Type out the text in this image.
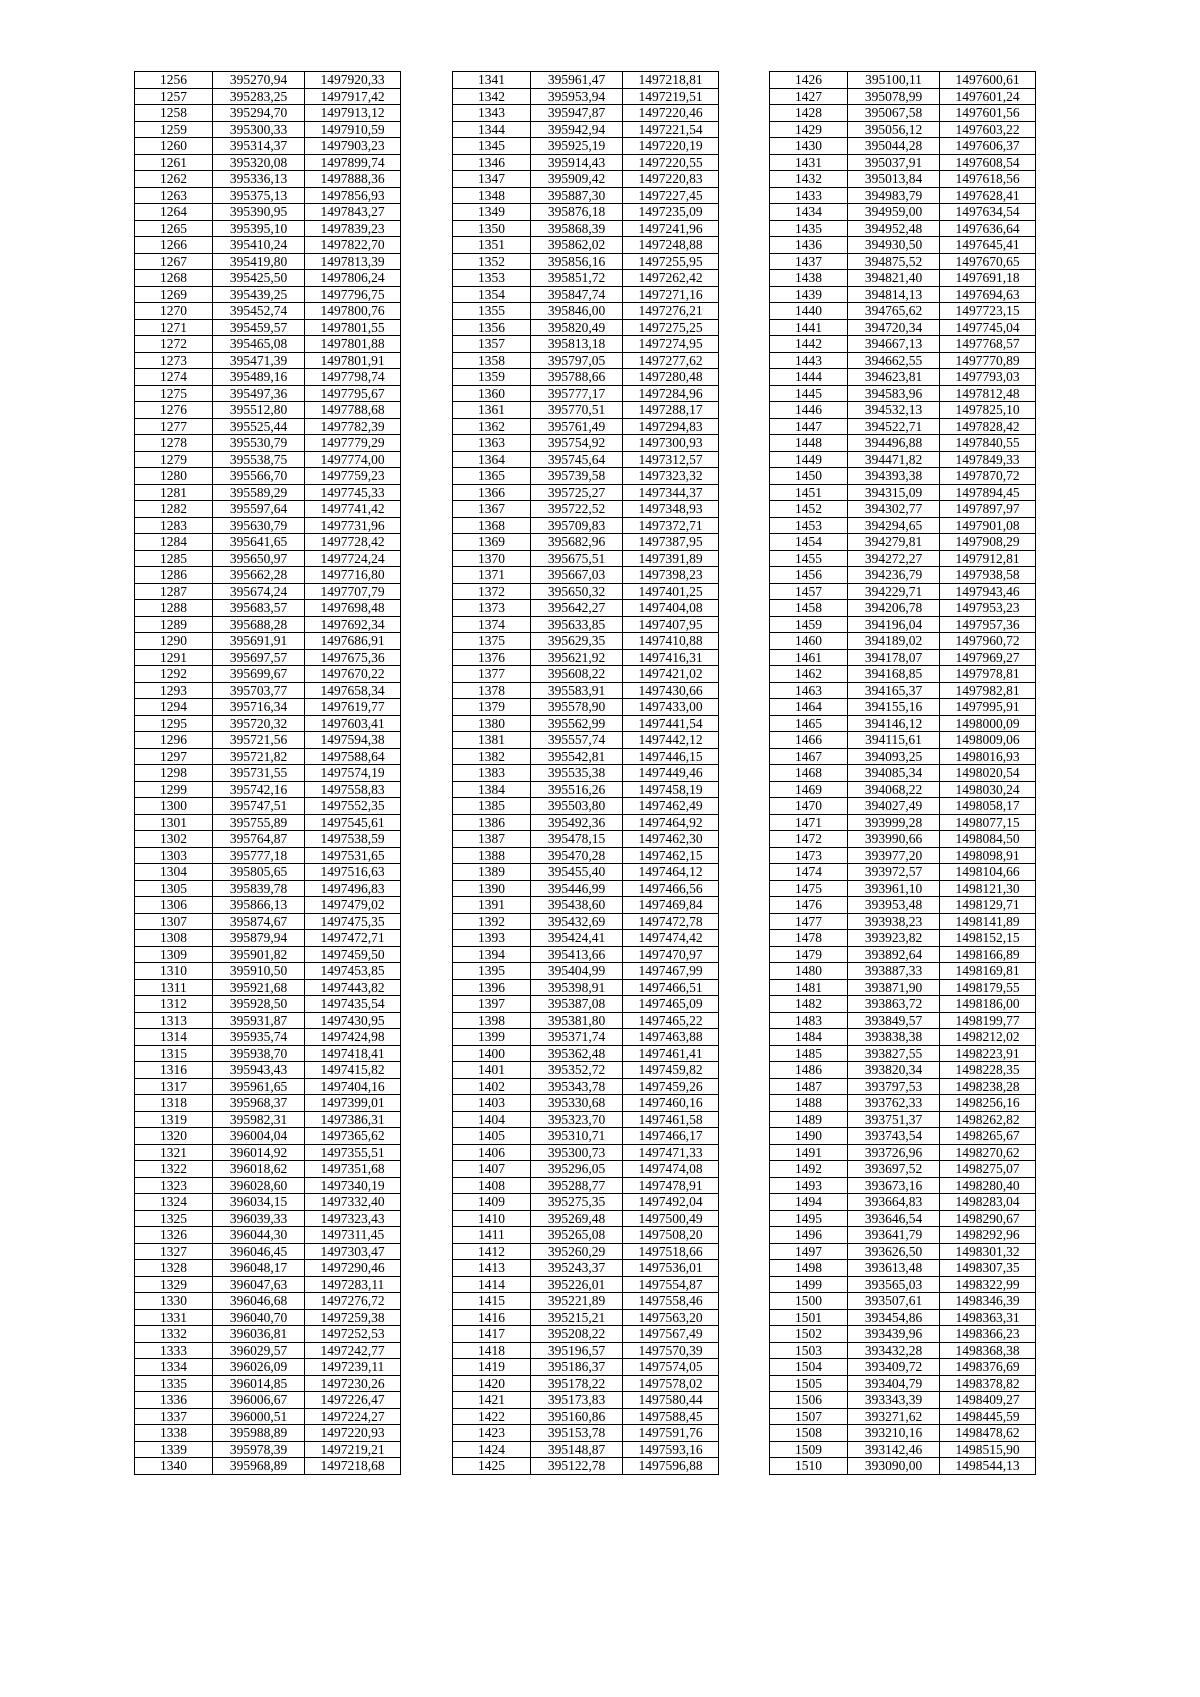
1256	395270,94	1497920,33
1257	395283,25	1497917,42
1258	395294,70	1497913,12
1259	395300,33	1497910,59
1260	395314,37	1497903,23
1261	395320,08	1497899,74
1262	395336,13	1497888,36
1263	395375,13	1497856,93
1264	395390,95	1497843,27
1265	395395,10	1497839,23
1266	395410,24	1497822,70
1267	395419,80	1497813,39
1268	395425,50	1497806,24
1269	395439,25	1497796,75
1270	395452,74	1497800,76
1271	395459,57	1497801,55
1272	395465,08	1497801,88
1273	395471,39	1497801,91
1274	395489,16	1497798,74
1275	395497,36	1497795,67
1276	395512,80	1497788,68
1277	395525,44	1497782,39
1278	395530,79	1497779,29
1279	395538,75	1497774,00
1280	395566,70	1497759,23
1281	395589,29	1497745,33
1282	395597,64	1497741,42
1283	395630,79	1497731,96
1284	395641,65	1497728,42
1285	395650,97	1497724,24
1286	395662,28	1497716,80
1287	395674,24	1497707,79
1288	395683,57	1497698,48
1289	395688,28	1497692,34
1290	395691,91	1497686,91
1291	395697,57	1497675,36
1292	395699,67	1497670,22
1293	395703,77	1497658,34
1294	395716,34	1497619,77
1295	395720,32	1497603,41
1296	395721,56	1497594,38
1297	395721,82	1497588,64
1298	395731,55	1497574,19
1299	395742,16	1497558,83
1300	395747,51	1497552,35
1301	395755,89	1497545,61
1302	395764,87	1497538,59
1303	395777,18	1497531,65
1304	395805,65	1497516,63
1305	395839,78	1497496,83
1306	395866,13	1497479,02
1307	395874,67	1497475,35
1308	395879,94	1497472,71
1309	395901,82	1497459,50
1310	395910,50	1497453,85
1311	395921,68	1497443,82
1312	395928,50	1497435,54
1313	395931,87	1497430,95
1314	395935,74	1497424,98
1315	395938,70	1497418,41
1316	395943,43	1497415,82
1317	395961,65	1497404,16
1318	395968,37	1497399,01
1319	395982,31	1497386,31
1320	396004,04	1497365,62
1321	396014,92	1497355,51
1322	396018,62	1497351,68
1323	396028,60	1497340,19
1324	396034,15	1497332,40
1325	396039,33	1497323,43
1326	396044,30	1497311,45
1327	396046,45	1497303,47
1328	396048,17	1497290,46
1329	396047,63	1497283,11
1330	396046,68	1497276,72
1331	396040,70	1497259,38
1332	396036,81	1497252,53
1333	396029,57	1497242,77
1334	396026,09	1497239,11
1335	396014,85	1497230,26
1336	396006,67	1497226,47
1337	396000,51	1497224,27
1338	395988,89	1497220,93
1339	395978,39	1497219,21
1340	395968,89	1497218,68
1341	395961,47	1497218,81
1342	395953,94	1497219,51
1343	395947,87	1497220,46
1344	395942,94	1497221,54
1345	395925,19	1497220,19
1346	395914,43	1497220,55
1347	395909,42	1497220,83
1348	395887,30	1497227,45
1349	395876,18	1497235,09
1350	395868,39	1497241,96
1351	395862,02	1497248,88
1352	395856,16	1497255,95
1353	395851,72	1497262,42
1354	395847,74	1497271,16
1355	395846,00	1497276,21
1356	395820,49	1497275,25
1357	395813,18	1497274,95
1358	395797,05	1497277,62
1359	395788,66	1497280,48
1360	395777,17	1497284,96
1361	395770,51	1497288,17
1362	395761,49	1497294,83
1363	395754,92	1497300,93
1364	395745,64	1497312,57
1365	395739,58	1497323,32
1366	395725,27	1497344,37
1367	395722,52	1497348,93
1368	395709,83	1497372,71
1369	395682,96	1497387,95
1370	395675,51	1497391,89
1371	395667,03	1497398,23
1372	395650,32	1497401,25
1373	395642,27	1497404,08
1374	395633,85	1497407,95
1375	395629,35	1497410,88
1376	395621,92	1497416,31
1377	395608,22	1497421,02
1378	395583,91	1497430,66
1379	395578,90	1497433,00
1380	395562,99	1497441,54
1381	395557,74	1497442,12
1382	395542,81	1497446,15
1383	395535,38	1497449,46
1384	395516,26	1497458,19
1385	395503,80	1497462,49
1386	395492,36	1497464,92
1387	395478,15	1497462,30
1388	395470,28	1497462,15
1389	395455,40	1497464,12
1390	395446,99	1497466,56
1391	395438,60	1497469,84
1392	395432,69	1497472,78
1393	395424,41	1497474,42
1394	395413,66	1497470,97
1395	395404,99	1497467,99
1396	395398,91	1497466,51
1397	395387,08	1497465,09
1398	395381,80	1497465,22
1399	395371,74	1497463,88
1400	395362,48	1497461,41
1401	395352,72	1497459,82
1402	395343,78	1497459,26
1403	395330,68	1497460,16
1404	395323,70	1497461,58
1405	395310,71	1497466,17
1406	395300,73	1497471,33
1407	395296,05	1497474,08
1408	395288,77	1497478,91
1409	395275,35	1497492,04
1410	395269,48	1497500,49
1411	395265,08	1497508,20
1412	395260,29	1497518,66
1413	395243,37	1497536,01
1414	395226,01	1497554,87
1415	395221,89	1497558,46
1416	395215,21	1497563,20
1417	395208,22	1497567,49
1418	395196,57	1497570,39
1419	395186,37	1497574,05
1420	395178,22	1497578,02
1421	395173,83	1497580,44
1422	395160,86	1497588,45
1423	395153,78	1497591,76
1424	395148,87	1497593,16
1425	395122,78	1497596,88
1426	395100,11	1497600,61
1427	395078,99	1497601,24
1428	395067,58	1497601,56
1429	395056,12	1497603,22
1430	395044,28	1497606,37
1431	395037,91	1497608,54
1432	395013,84	1497618,56
1433	394983,79	1497628,41
1434	394959,00	1497634,54
1435	394952,48	1497636,64
1436	394930,50	1497645,41
1437	394875,52	1497670,65
1438	394821,40	1497691,18
1439	394814,13	1497694,63
1440	394765,62	1497723,15
1441	394720,34	1497745,04
1442	394667,13	1497768,57
1443	394662,55	1497770,89
1444	394623,81	1497793,03
1445	394583,96	1497812,48
1446	394532,13	1497825,10
1447	394522,71	1497828,42
1448	394496,88	1497840,55
1449	394471,82	1497849,33
1450	394393,38	1497870,72
1451	394315,09	1497894,45
1452	394302,77	1497897,97
1453	394294,65	1497901,08
1454	394279,81	1497908,29
1455	394272,27	1497912,81
1456	394236,79	1497938,58
1457	394229,71	1497943,46
1458	394206,78	1497953,23
1459	394196,04	1497957,36
1460	394189,02	1497960,72
1461	394178,07	1497969,27
1462	394168,85	1497978,81
1463	394165,37	1497982,81
1464	394155,16	1497995,91
1465	394146,12	1498000,09
1466	394115,61	1498009,06
1467	394093,25	1498016,93
1468	394085,34	1498020,54
1469	394068,22	1498030,24
1470	394027,49	1498058,17
1471	393999,28	1498077,15
1472	393990,66	1498084,50
1473	393977,20	1498098,91
1474	393972,57	1498104,66
1475	393961,10	1498121,30
1476	393953,48	1498129,71
1477	393938,23	1498141,89
1478	393923,82	1498152,15
1479	393892,64	1498166,89
1480	393887,33	1498169,81
1481	393871,90	1498179,55
1482	393863,72	1498186,00
1483	393849,57	1498199,77
1484	393838,38	1498212,02
1485	393827,55	1498223,91
1486	393820,34	1498228,35
1487	393797,53	1498238,28
1488	393762,33	1498256,16
1489	393751,37	1498262,82
1490	393743,54	1498265,67
1491	393726,96	1498270,62
1492	393697,52	1498275,07
1493	393673,16	1498280,40
1494	393664,83	1498283,04
1495	393646,54	1498290,67
1496	393641,79	1498292,96
1497	393626,50	1498301,32
1498	393613,48	1498307,35
1499	393565,03	1498322,99
1500	393507,61	1498346,39
1501	393454,86	1498363,31
1502	393439,96	1498366,23
1503	393432,28	1498368,38
1504	393409,72	1498376,69
1505	393404,79	1498378,82
1506	393343,39	1498409,27
1507	393271,62	1498445,59
1508	393210,16	1498478,62
1509	393142,46	1498515,90
1510	393090,00	1498544,13
